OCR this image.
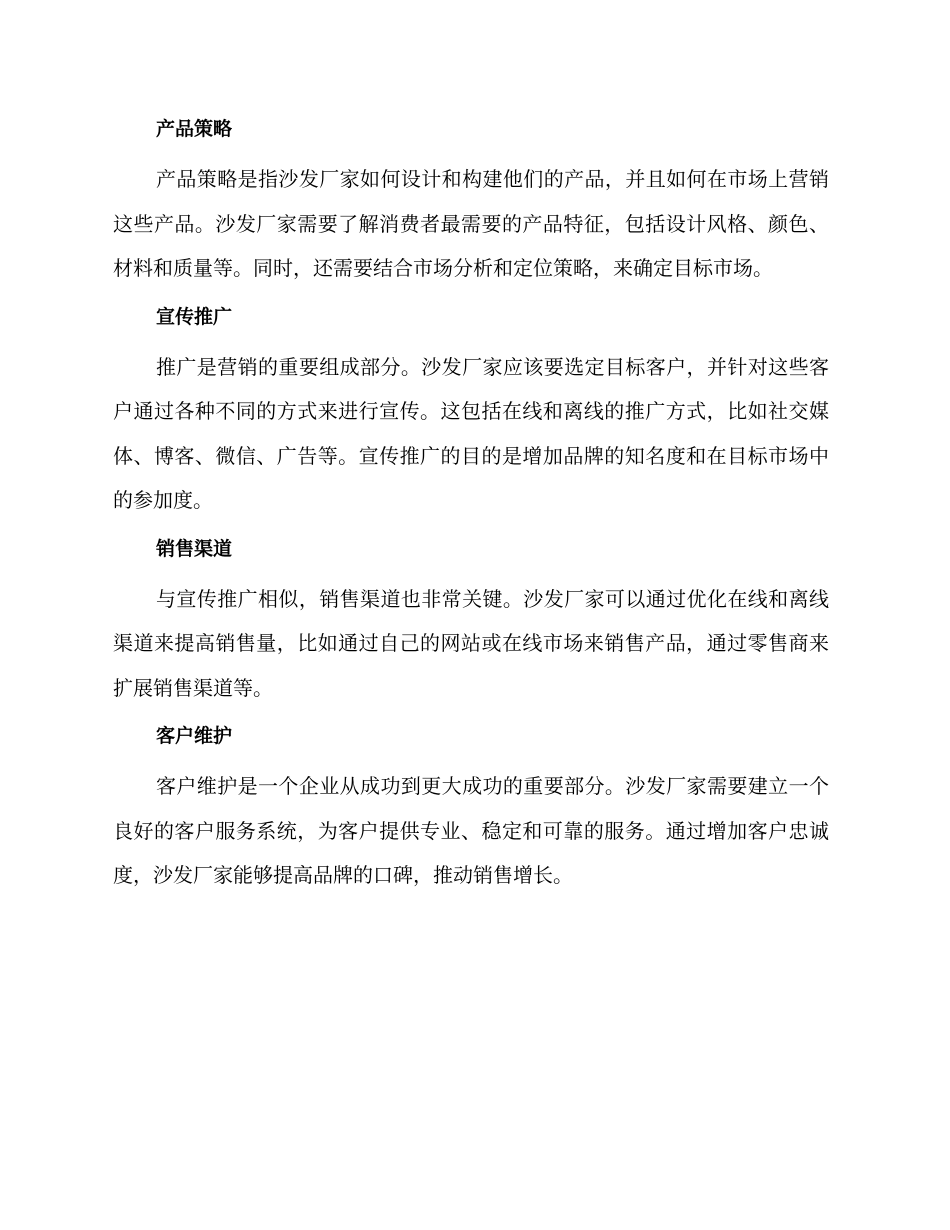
产品策略

产品策略是指沙发厂家如何设计和构建他们的产品，并且如何在市场上营销这些产品。沙发厂家需要了解消费者最需要的产品特征，包括设计风格、颜色、材料和质量等。同时，还需要结合市场分析和定位策略，来确定目标市场。

宣传推广

推广是营销的重要组成部分。沙发厂家应该要选定目标客户，并针对这些客户通过各种不同的方式来进行宣传。这包括在线和离线的推广方式，比如社交媒体、博客、微信、广告等。宣传推广的目的是增加品牌的知名度和在目标市场中的参加度。

销售渠道

与宣传推广相似，销售渠道也非常关键。沙发厂家可以通过优化在线和离线渠道来提高销售量，比如通过自己的网站或在线市场来销售产品，通过零售商来扩展销售渠道等。

客户维护

客户维护是一个企业从成功到更大成功的重要部分。沙发厂家需要建立一个良好的客户服务系统，为客户提供专业、稳定和可靠的服务。通过增加客户忠诚度，沙发厂家能够提高品牌的口碑，推动销售增长。
